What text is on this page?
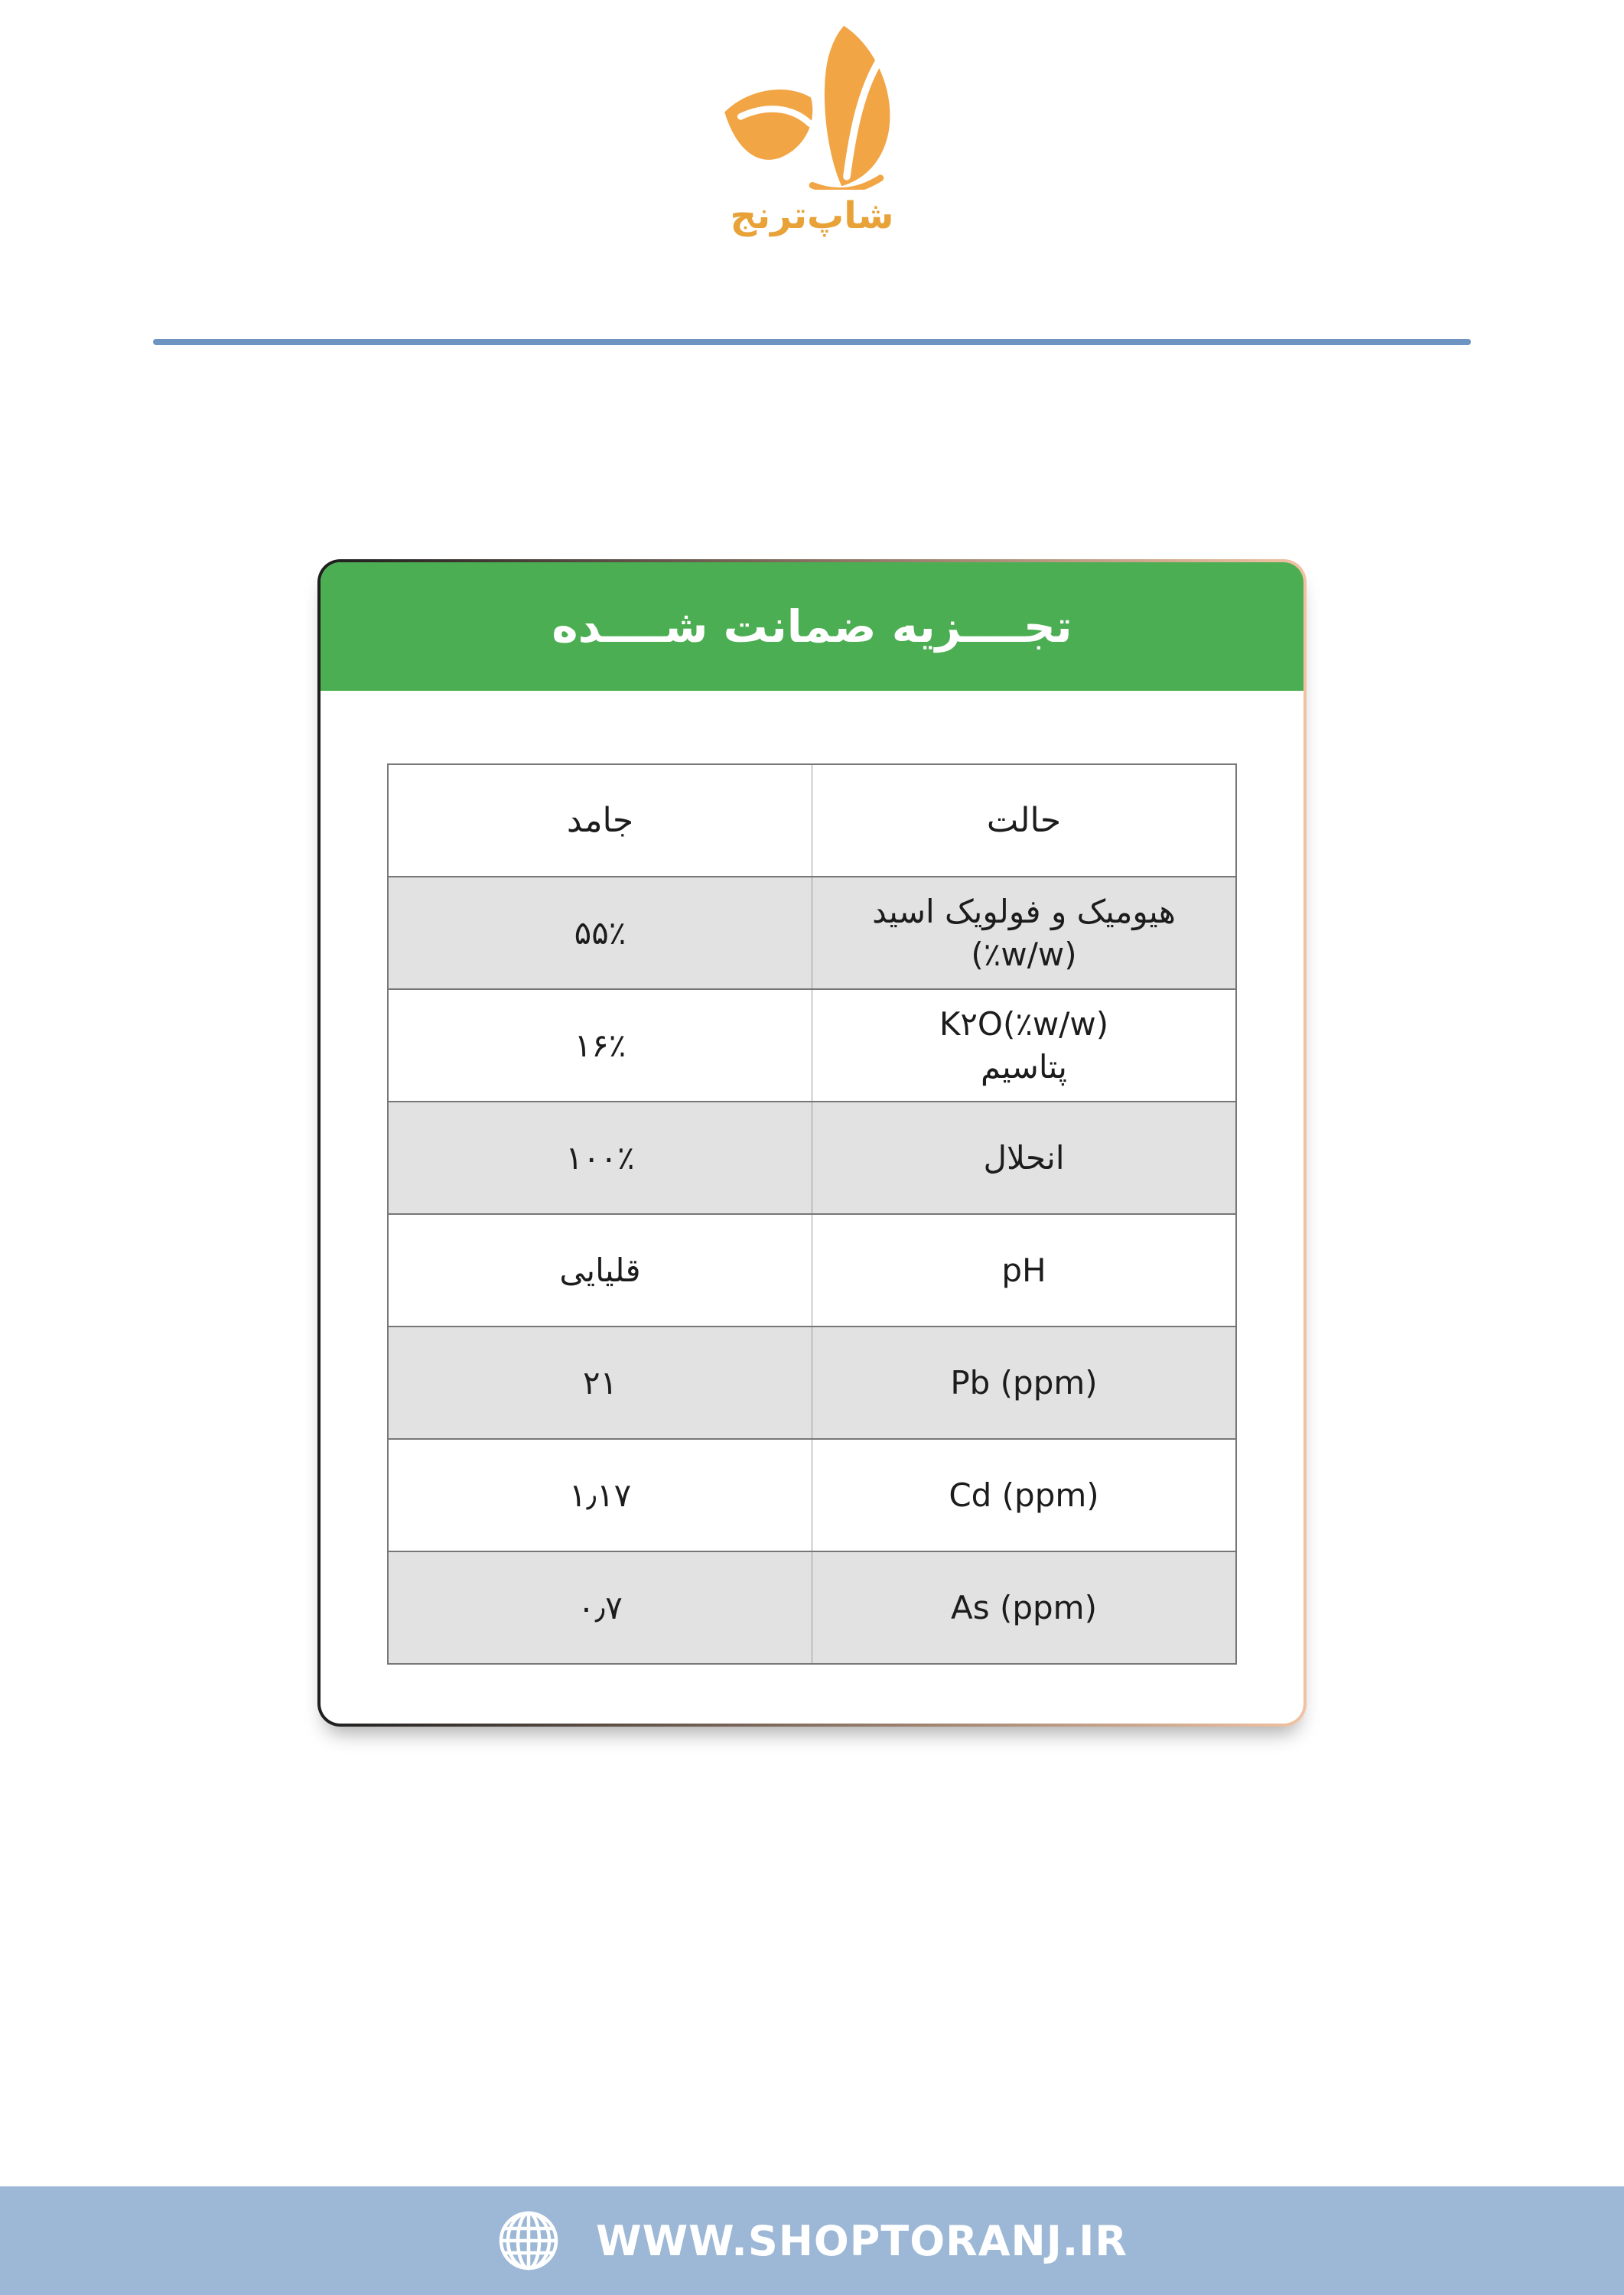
شاپ‌ترنج
تجــــزیه ضمانت شــــده
حالت	جامد

هیومیک و فولویک اسید
(٪w/w)	۵۵٪

K۲O(٪w/w)
پتاسیم	۱۶٪

انحلال	۱۰۰٪

pH	قلیایی

Pb (ppm)	۲۱

Cd (ppm)	۱٫۱۷

As (ppm)	۰٫۷
WWW.SHOPTORANJ.IR
